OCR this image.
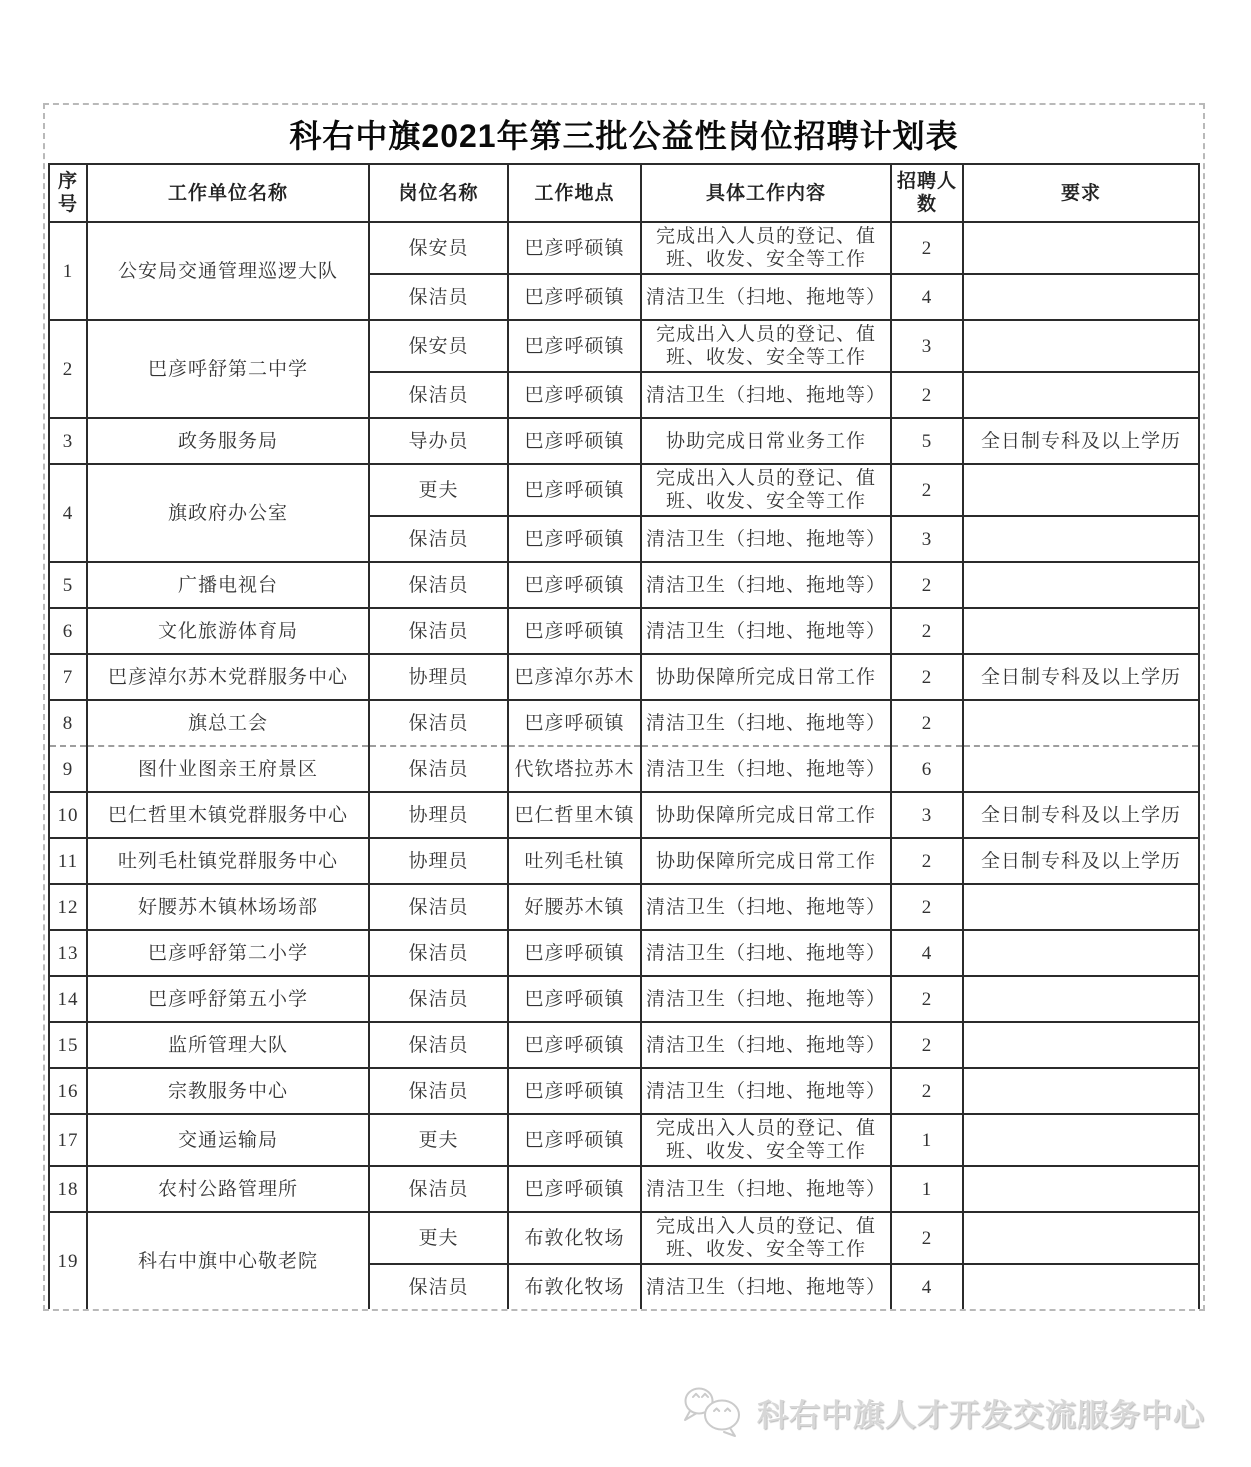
科右中旗2021年第三批公益性岗位招聘计划表
序号	工作单位名称	岗位名称	工作地点	具体工作内容	招聘人数	要求
1	公安局交通管理巡逻大队	保安员	巴彦呼硕镇	完成出入人员的登记、值班、收发、安全等工作	2	
		保洁员	巴彦呼硕镇	清洁卫生（扫地、拖地等）	4	
2	巴彦呼舒第二中学	保安员	巴彦呼硕镇	完成出入人员的登记、值班、收发、安全等工作	3	
		保洁员	巴彦呼硕镇	清洁卫生（扫地、拖地等）	2	
3	政务服务局	导办员	巴彦呼硕镇	协助完成日常业务工作	5	全日制专科及以上学历
4	旗政府办公室	更夫	巴彦呼硕镇	完成出入人员的登记、值班、收发、安全等工作	2	
		保洁员	巴彦呼硕镇	清洁卫生（扫地、拖地等）	3	
5	广播电视台	保洁员	巴彦呼硕镇	清洁卫生（扫地、拖地等）	2	
6	文化旅游体育局	保洁员	巴彦呼硕镇	清洁卫生（扫地、拖地等）	2	
7	巴彦淖尔苏木党群服务中心	协理员	巴彦淖尔苏木	协助保障所完成日常工作	2	全日制专科及以上学历
8	旗总工会	保洁员	巴彦呼硕镇	清洁卫生（扫地、拖地等）	2	
9	图什业图亲王府景区	保洁员	代钦塔拉苏木	清洁卫生（扫地、拖地等）	6	
10	巴仁哲里木镇党群服务中心	协理员	巴仁哲里木镇	协助保障所完成日常工作	3	全日制专科及以上学历
11	吐列毛杜镇党群服务中心	协理员	吐列毛杜镇	协助保障所完成日常工作	2	全日制专科及以上学历
12	好腰苏木镇林场场部	保洁员	好腰苏木镇	清洁卫生（扫地、拖地等）	2	
13	巴彦呼舒第二小学	保洁员	巴彦呼硕镇	清洁卫生（扫地、拖地等）	4	
14	巴彦呼舒第五小学	保洁员	巴彦呼硕镇	清洁卫生（扫地、拖地等）	2	
15	监所管理大队	保洁员	巴彦呼硕镇	清洁卫生（扫地、拖地等）	2	
16	宗教服务中心	保洁员	巴彦呼硕镇	清洁卫生（扫地、拖地等）	2	
17	交通运输局	更夫	巴彦呼硕镇	完成出入人员的登记、值班、收发、安全等工作	1	
18	农村公路管理所	保洁员	巴彦呼硕镇	清洁卫生（扫地、拖地等）	1	
19	科右中旗中心敬老院	更夫	布敦化牧场	完成出入人员的登记、值班、收发、安全等工作	2	
		保洁员	布敦化牧场	清洁卫生（扫地、拖地等）	4	
科右中旗人才开发交流服务中心
